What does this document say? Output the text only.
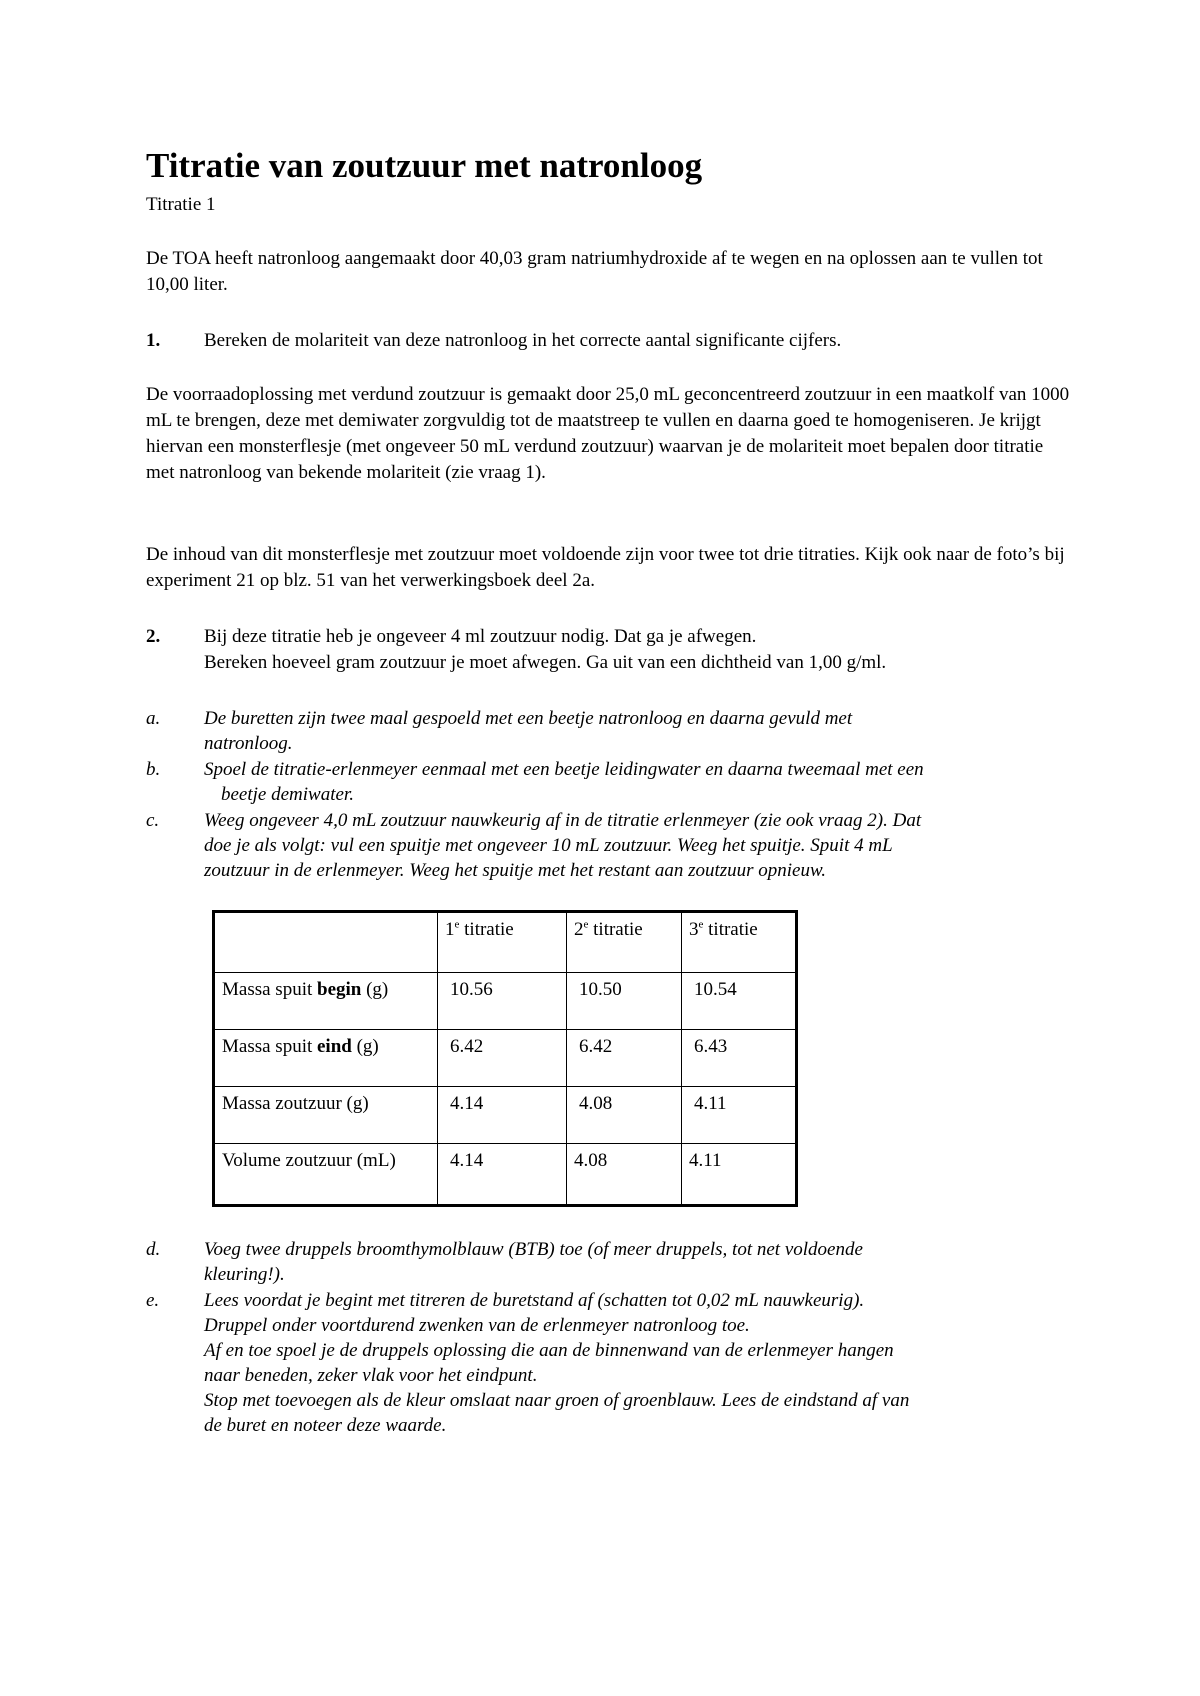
Titratie van zoutzuur met natronloog
Titratie 1

De TOA heeft natronloog aangemaakt door 40,03 gram natriumhydroxide af te wegen en na oplossen aan te vullen tot 10,00 liter.

1. Bereken de molariteit van deze natronloog in het correcte aantal significante cijfers.

De voorraadoplossing met verdund zoutzuur is gemaakt door 25,0 mL geconcentreerd zoutzuur in een maatkolf van 1000 mL te brengen, deze met demiwater zorgvuldig tot de maatstreep te vullen en daarna goed te homogeniseren. Je krijgt hiervan een monsterflesje (met ongeveer 50 mL verdund zoutzuur) waarvan je de molariteit moet bepalen door titratie met natronloog van bekende molariteit (zie vraag 1).

De inhoud van dit monsterflesje met zoutzuur moet voldoende zijn voor twee tot drie titraties. Kijk ook naar de foto’s bij experiment 21 op blz. 51 van het verwerkingsboek deel 2a.

2. Bij deze titratie heb je ongeveer 4 ml zoutzuur nodig. Dat ga je afwegen.
Bereken hoeveel gram zoutzuur je moet afwegen. Ga uit van een dichtheid van 1,00 g/ml.
a. De buretten zijn twee maal gespoeld met een beetje natronloog en daarna gevuld met
natronloog.
b. Spoel de titratie-erlenmeyer eenmaal met een beetje leidingwater en daarna tweemaal met een
beetje demiwater.
c. Weeg ongeveer 4,0 mL zoutzuur nauwkeurig af in de titratie erlenmeyer (zie ook vraag 2). Dat
doe je als volgt: vul een spuitje met ongeveer 10 mL zoutzuur. Weeg het spuitje. Spuit 4 mL
zoutzuur in de erlenmeyer. Weeg het spuitje met het restant aan zoutzuur opnieuw.
	1e titratie	2e titratie	3e titratie
Massa spuit begin (g)	10.56	10.50	10.54
Massa spuit eind (g)	6.42	6.42	6.43
Massa zoutzuur (g)	4.14	4.08	4.11
Volume zoutzuur (mL)	4.14	4.08	4.11
d. Voeg twee druppels broomthymolblauw (BTB) toe (of meer druppels, tot net voldoende
kleuring!).
e. Lees voordat je begint met titreren de buretstand af (schatten tot 0,02 mL nauwkeurig).
Druppel onder voortdurend zwenken van de erlenmeyer natronloog toe.
Af en toe spoel je de druppels oplossing die aan de binnenwand van de erlenmeyer hangen
naar beneden, zeker vlak voor het eindpunt.
Stop met toevoegen als de kleur omslaat naar groen of groenblauw. Lees de eindstand af van
de buret en noteer deze waarde.
